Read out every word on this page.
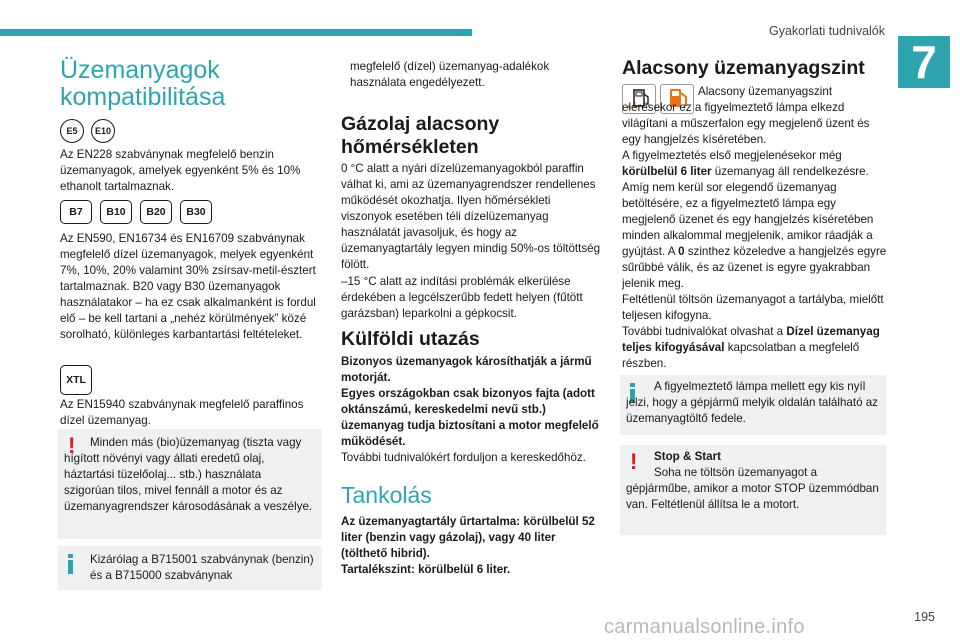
Gyakorlati tudnivalók
7
Üzemanyagok
kompatibilitása
E5	E10
Az EN228 szabványnak megfelelő benzin üzemanyagok, amelyek egyenként 5% és 10% ethanolt tartalmaznak.
B7	B10	B20	B30
Az EN590, EN16734 és EN16709 szabványnak megfelelő dízel üzemanyagok, melyek egyenként 7%, 10%, 20% valamint 30% zsírsav-metil-észtert tartalmaznak. B20 vagy B30 üzemanyagok használatakor – ha ez csak alkalmanként is fordul elő – be kell tartani a „nehéz körülmények” közé sorolható, különleges karbantartási feltételeket.
XTL
Az EN15940 szabványnak megfelelő paraffinos dízel üzemanyag.
!	Minden más (bio)üzemanyag (tiszta vagy hígított növényi vagy állati eredetű olaj, háztartási tüzelőolaj... stb.) használata szigorúan tilos, mivel fennáll a motor és az üzemanyagrendszer károsodásának a veszélye.
Kizárólag a B715001 szabványnak (benzin) és a B715000 szabványnak
megfelelő (dízel) üzemanyag-adalékok használata engedélyezett.
Gázolaj alacsony
hőmérsékleten
0 °C alatt a nyári dízelüzemanyagokból paraffin válhat ki, ami az üzemanyagrendszer rendellenes működését okozhatja. Ilyen hőmérsékleti viszonyok esetében téli dízelüzemanyag használatát javasoljuk, és hogy az üzemanyagtartály legyen mindig 50%-os töltöttség fölött.
–15 °C alatt az indítási problémák elkerülése érdekében a legcélszerűbb fedett helyen (fűtött garázsban) leparkolni a gépkocsit.
Külföldi utazás
Bizonyos üzemanyagok károsíthatják a jármű motorját.
Egyes országokban csak bizonyos fajta (adott oktánszámú, kereskedelmi nevű stb.) üzemanyag tudja biztosítani a motor megfelelő működését.
További tudnivalókért forduljon a kereskedőhöz.
Tankolás
Az üzemanyagtartály űrtartalma: körülbelül 52 liter (benzin vagy gázolaj), vagy 40 liter (tölthető hibrid).
Tartalékszint: körülbelül 6 liter.
Alacsony üzemanyagszint
Alacsony üzemanyagszint elérésekor ez a figyelmeztető lámpa elkezd világítani a műszerfalon egy megjelenő üzent és egy hangjelzés kíséretében.
A figyelmeztetés első megjelenésekor még körülbelül 6 liter üzemanyag áll rendelkezésre.
Amíg nem kerül sor elegendő üzemanyag betöltésére, ez a figyelmeztető lámpa egy megjelenő üzenet és egy hangjelzés kíséretében minden alkalommal megjelenik, amikor ráadják a gyújtást. A 0 szinthez közeledve a hangjelzés egyre sűrűbbé válik, és az üzenet is egyre gyakrabban jelenik meg.
Feltétlenül töltsön üzemanyagot a tartályba, mielőtt teljesen kifogyna.
További tudnivalókat olvashat a Dízel üzemanyag teljes kifogyásával kapcsolatban a megfelelő részben.
A figyelmeztető lámpa mellett egy kis nyíl jelzi, hogy a gépjármű melyik oldalán található az üzemanyagtöltő fedele.
!	Stop & Start
Soha ne töltsön üzemanyagot a gépjárműbe, amikor a motor STOP üzemmódban van. Feltétlenül állítsa le a motort.
195
carmanualsonline.info
